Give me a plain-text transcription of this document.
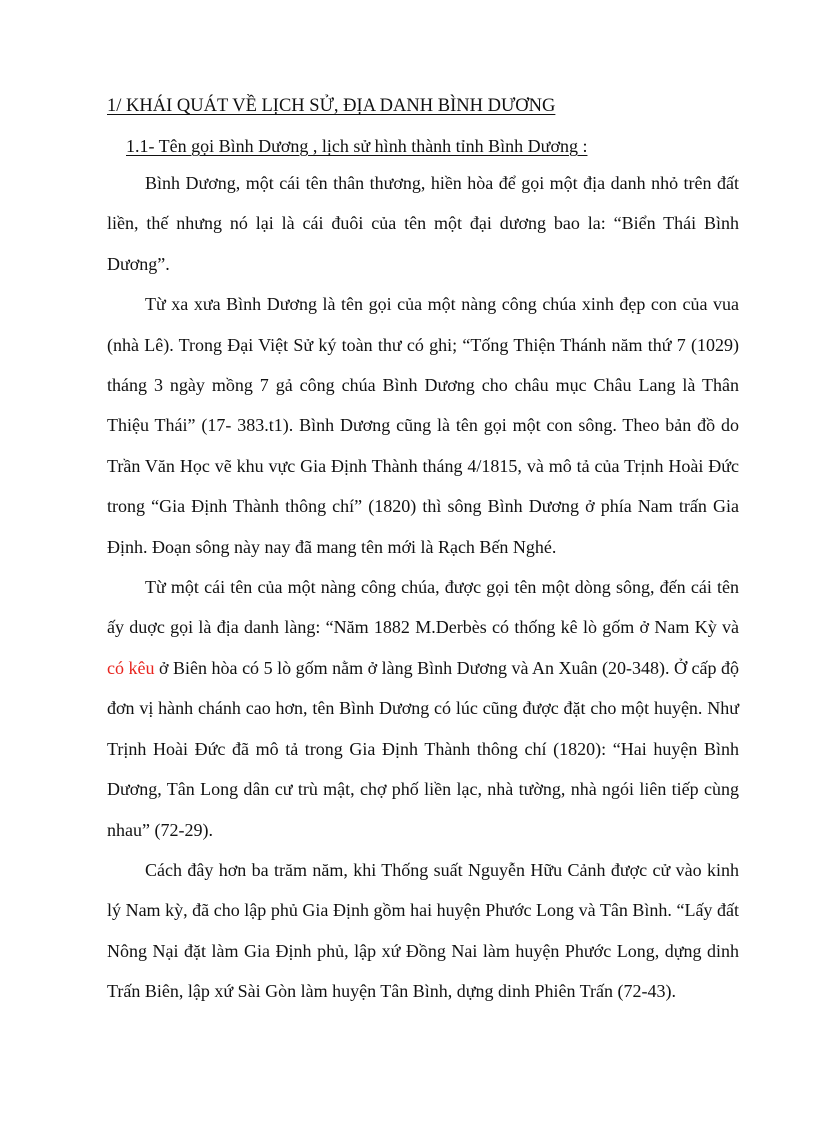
1/ KHÁI QUÁT VỀ LỊCH SỬ, ĐỊA DANH BÌNH DƯƠNG
1.1- Tên gọi Bình Dương , lịch sử hình thành tỉnh Bình Dương :

Bình Dương, một cái tên thân thương, hiền hòa để gọi một địa danh nhỏ trên đất liền, thế nhưng nó lại là cái đuôi của tên một đại dương bao la: “Biển Thái Bình Dương”.

Từ xa xưa Bình Dương là tên gọi của một nàng công chúa xinh đẹp con của vua (nhà Lê). Trong Đại Việt Sử ký toàn thư có ghi; “Tống Thiện Thánh năm thứ 7 (1029) tháng 3 ngày mồng 7 gả công chúa Bình Dương cho châu mục Châu Lang là Thân Thiệu Thái” (17- 383.t1). Bình Dương cũng là tên gọi một con sông. Theo bản đồ do Trần Văn Học vẽ khu vực Gia Định Thành tháng 4/1815, và mô tả của Trịnh Hoài Đức trong “Gia Định Thành thông chí” (1820) thì sông Bình Dương ở phía Nam trấn Gia Định. Đoạn sông này nay đã mang tên mới là Rạch Bến Nghé.

Từ một cái tên của một nàng công chúa, được gọi tên một dòng sông, đến cái tên ấy duợc gọi là địa danh làng: “Năm 1882 M.Derbès có thống kê lò gốm ở Nam Kỳ và có kêu ở Biên hòa có 5 lò gốm nằm ở làng Bình Dương và An Xuân (20-348). Ở cấp độ đơn vị hành chánh cao hơn, tên Bình Dương có lúc cũng được đặt cho một huyện. Như Trịnh Hoài Đức đã mô tả trong Gia Định Thành thông chí (1820): “Hai huyện Bình Dương, Tân Long dân cư trù mật, chợ phố liền lạc, nhà tường, nhà ngói liên tiếp cùng nhau” (72-29).

Cách đây hơn ba trăm năm, khi Thống suất Nguyễn Hữu Cảnh được cử vào kinh lý Nam kỳ, đã cho lập phủ Gia Định gồm hai huyện Phước Long và Tân Bình. “Lấy đất Nông Nại đặt làm Gia Định phủ, lập xứ Đồng Nai làm huyện Phước Long, dựng dinh Trấn Biên, lập xứ Sài Gòn làm huyện Tân Bình, dựng dinh Phiên Trấn (72-43).
